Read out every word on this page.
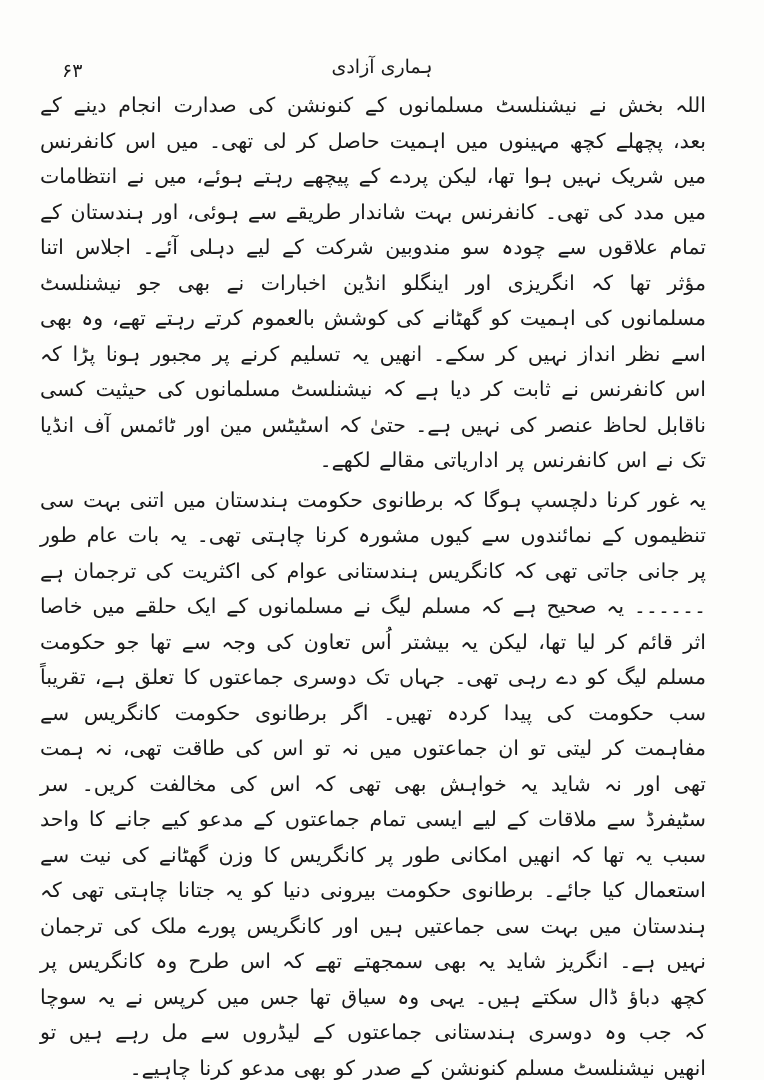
۶۳	ہماری آزادی

اللہ بخش نے نیشنلسٹ مسلمانوں کے کنونشن کی صدارت انجام دینے کے بعد، پچھلے کچھ مہینوں میں اہمیت حاصل کر لی تھی۔ میں اس کانفرنس میں شریک نہیں ہوا تھا، لیکن پردے کے پیچھے رہتے ہوئے، میں نے انتظامات میں مدد کی تھی۔ کانفرنس بہت شاندار طریقے سے ہوئی، اور ہندستان کے تمام علاقوں سے چودہ سو مندوبین شرکت کے لیے دہلی آئے۔ اجلاس اتنا مؤثر تھا کہ انگریزی اور اینگلو انڈین اخبارات نے بھی جو نیشنلسٹ مسلمانوں کی اہمیت کو گھٹانے کی کوشش بالعموم کرتے رہتے تھے، وہ بھی اسے نظر انداز نہیں کر سکے۔ انھیں یہ تسلیم کرنے پر مجبور ہونا پڑا کہ اس کانفرنس نے ثابت کر دیا ہے کہ نیشنلسٹ مسلمانوں کی حیثیت کسی ناقابل لحاظ عنصر کی نہیں ہے۔ حتیٰ کہ اسٹیٹس مین اور ٹائمس آف انڈیا تک نے اس کانفرنس پر اداریاتی مقالے لکھے۔

یہ غور کرنا دلچسپ ہوگا کہ برطانوی حکومت ہندستان میں اتنی بہت سی تنظیموں کے نمائندوں سے کیوں مشورہ کرنا چاہتی تھی۔ یہ بات عام طور پر جانی جاتی تھی کہ کانگریس ہندستانی عوام کی اکثریت کی ترجمان ہے ۔۔۔۔۔۔ یہ صحیح ہے کہ مسلم لیگ نے مسلمانوں کے ایک حلقے میں خاصا اثر قائم کر لیا تھا، لیکن یہ بیشتر اُس تعاون کی وجہ سے تھا جو حکومت مسلم لیگ کو دے رہی تھی۔ جہاں تک دوسری جماعتوں کا تعلق ہے، تقریباً سب حکومت کی پیدا کردہ تھیں۔ اگر برطانوی حکومت کانگریس سے مفاہمت کر لیتی تو ان جماعتوں میں نہ تو اس کی طاقت تھی، نہ ہمت تھی اور نہ شاید یہ خواہش بھی تھی کہ اس کی مخالفت کریں۔ سر سٹیفرڈ سے ملاقات کے لیے ایسی تمام جماعتوں کے مدعو کیے جانے کا واحد سبب یہ تھا کہ انھیں امکانی طور پر کانگریس کا وزن گھٹانے کی نیت سے استعمال کیا جائے۔ برطانوی حکومت بیرونی دنیا کو یہ جتانا چاہتی تھی کہ ہندستان میں بہت سی جماعتیں ہیں اور کانگریس پورے ملک کی ترجمان نہیں ہے۔ انگریز شاید یہ بھی سمجھتے تھے کہ اس طرح وہ کانگریس پر کچھ دباؤ ڈال سکتے ہیں۔ یہی وہ سیاق تھا جس میں کرپس نے یہ سوچا کہ جب وہ دوسری ہندستانی جماعتوں کے لیڈروں سے مل رہے ہیں تو انھیں نیشنلسٹ مسلم کنونشن کے صدر کو بھی مدعو کرنا چاہیے۔
